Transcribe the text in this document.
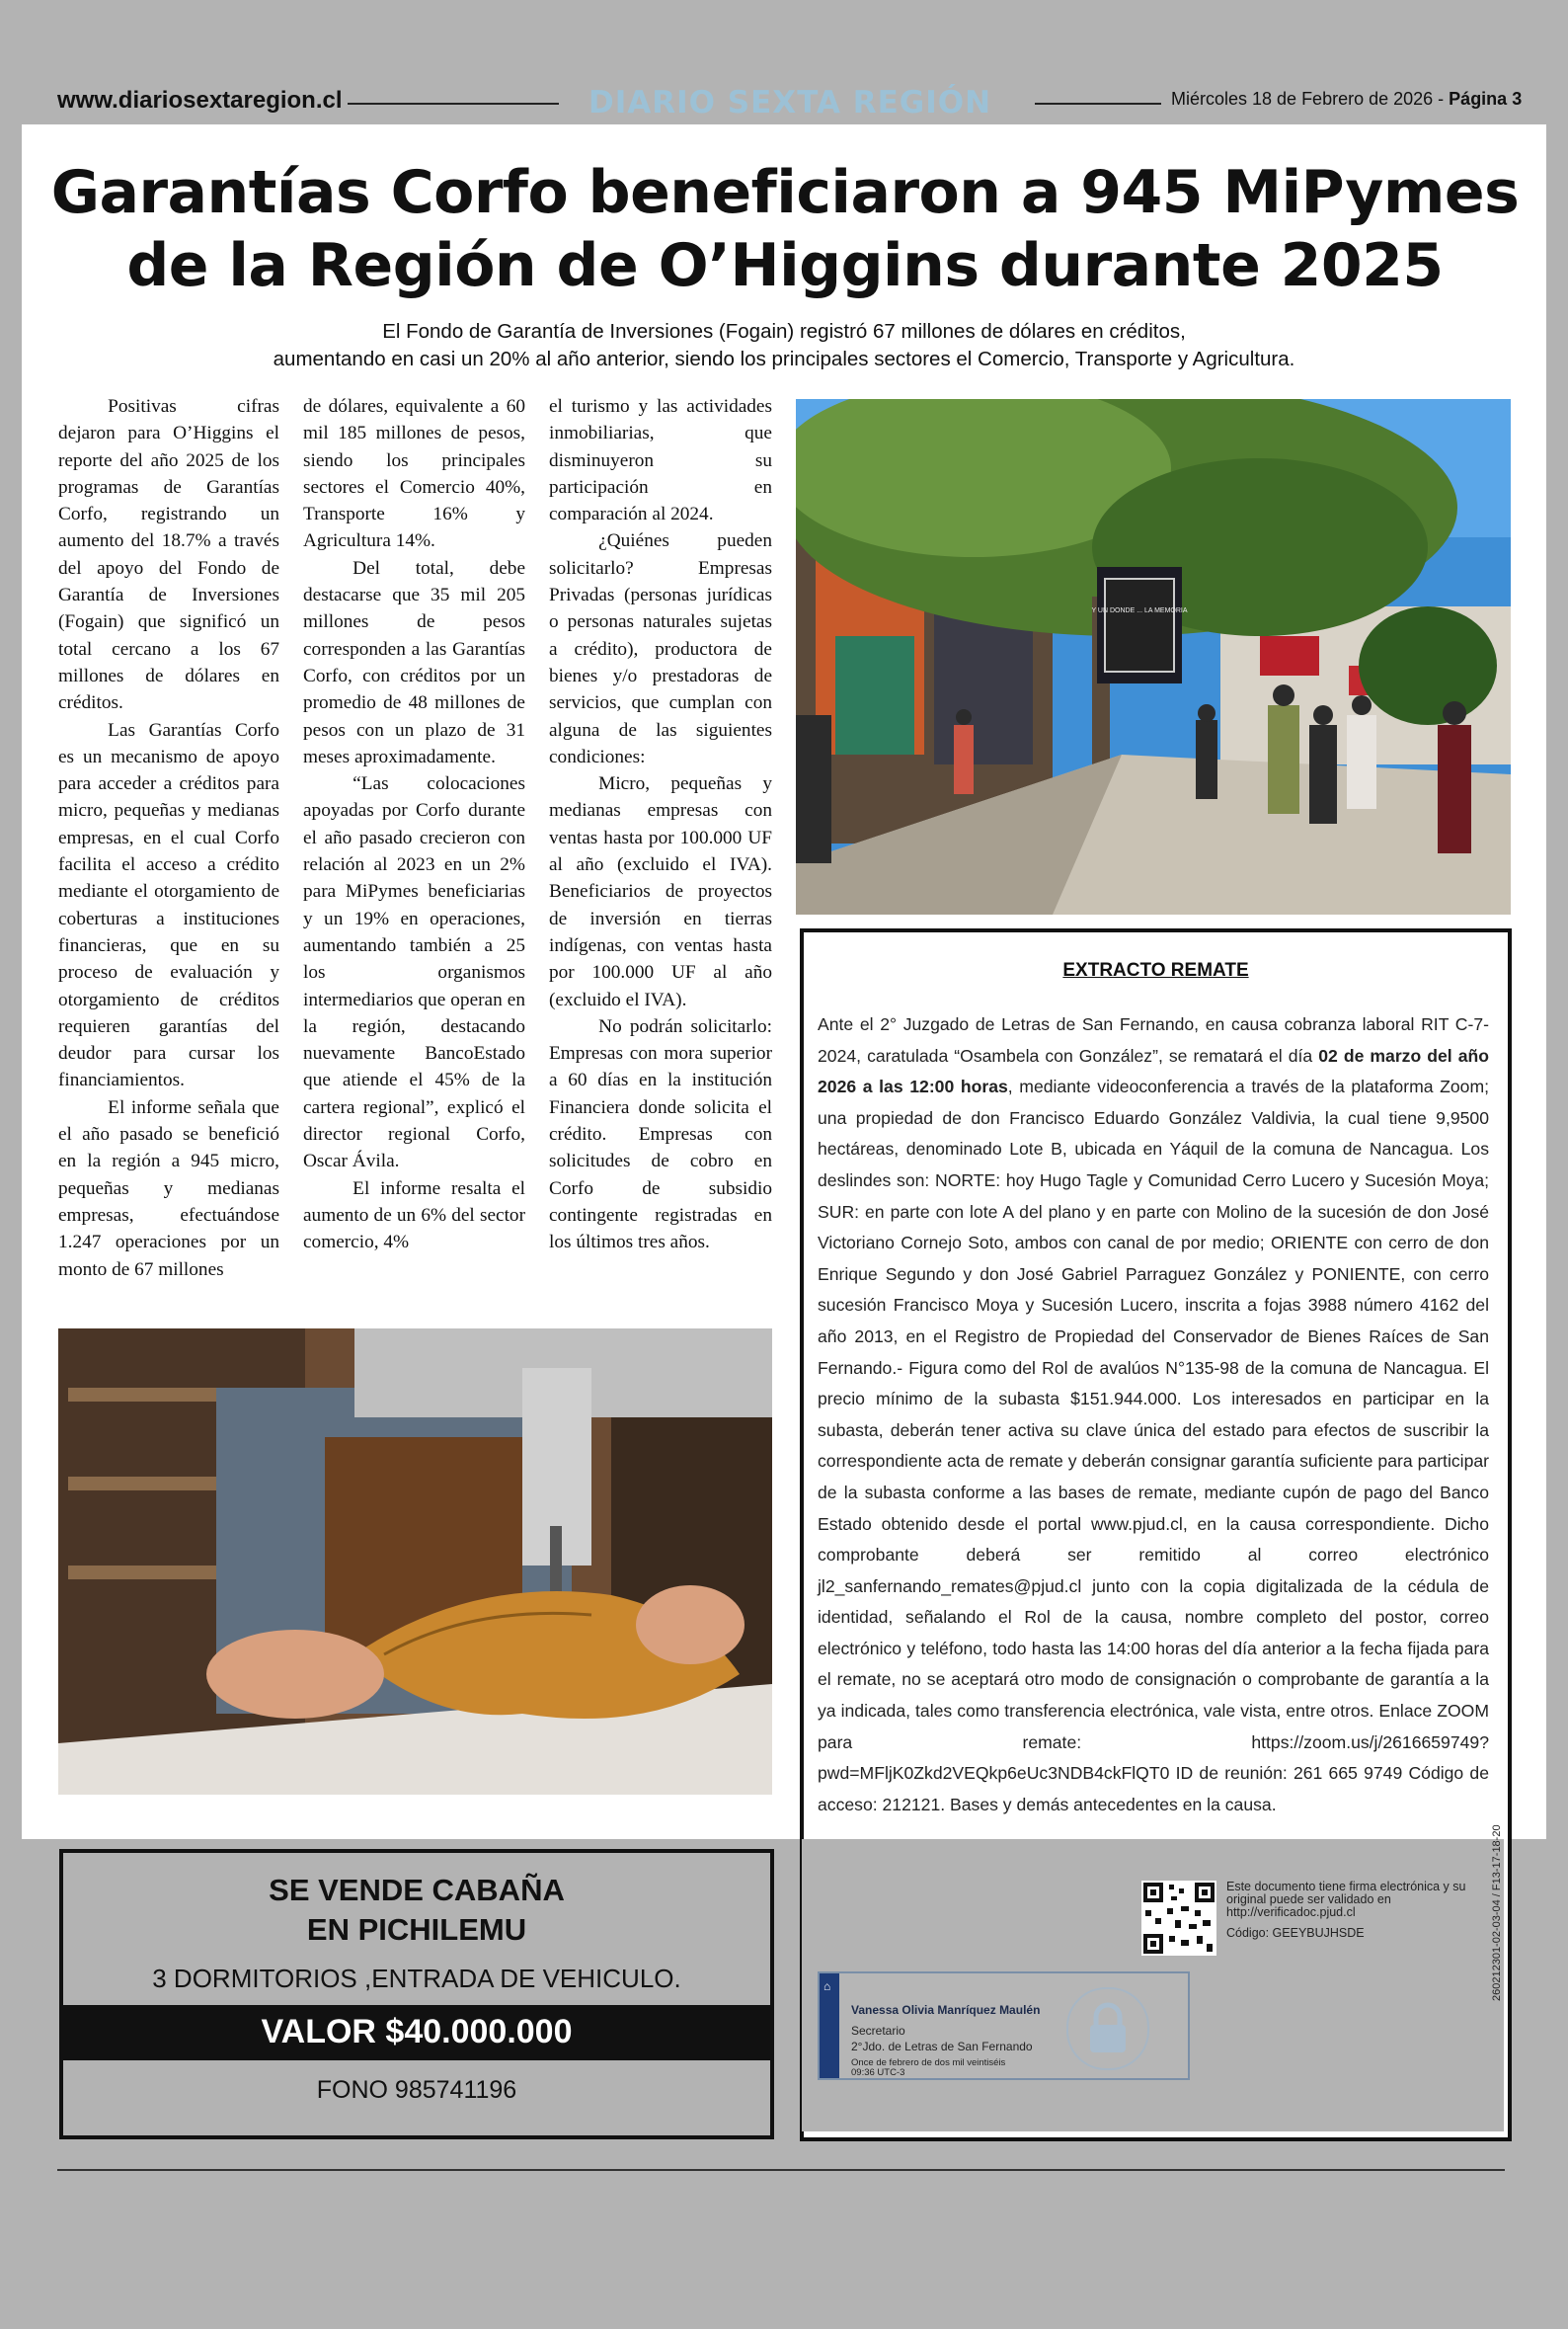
www.diariosextaregion.cl	DIARIO SEXTA REGIÓN	Miércoles 18 de Febrero de 2026 - Página 3
Garantías Corfo beneficiaron a 945 MiPymes
de la Región de O’Higgins durante 2025
El Fondo de Garantía de Inversiones (Fogain) registró 67 millones de dólares en créditos,
aumentando en casi un 20% al año anterior, siendo los principales sectores el Comercio, Transporte y Agricultura.

Positivas cifras dejaron para O’Higgins el reporte del año 2025 de los programas de Garantías Corfo, registrando un aumento del 18.7% a través del apoyo del Fondo de Garantía de Inversiones (Fogain) que significó un total cercano a los 67 millones de dólares en créditos.

Las Garantías Corfo es un mecanismo de apoyo para acceder a créditos para micro, pequeñas y medianas empresas, en el cual Corfo facilita el acceso a crédito mediante el otorgamiento de coberturas a instituciones financieras, que en su proceso de evaluación y otorgamiento de créditos requieren garantías del deudor para cursar los financiamientos.

El informe señala que el año pasado se benefició en la región a 945 micro, pequeñas y medianas empresas, efectuándose 1.247 operaciones por un monto de 67 millones

de dólares, equivalente a 60 mil 185 millones de pesos, siendo los principales sectores el Comercio 40%, Transporte 16% y Agricultura 14%.

Del total, debe destacarse que 35 mil 205 millones de pesos corresponden a las Garantías Corfo, con créditos por un promedio de 48 millones de pesos con un plazo de 31 meses aproximadamente.

“Las colocaciones apoyadas por Corfo durante el año pasado crecieron con relación al 2023 en un 2% para MiPymes beneficiarias y un 19% en operaciones, aumentando también a 25 los organismos intermediarios que operan en la región, destacando nuevamente BancoEstado que atiende el 45% de la cartera regional”, explicó el director regional Corfo, Oscar Ávila.

El informe resalta el aumento de un 6% del sector comercio, 4%

el turismo y las actividades inmobiliarias, que disminuyeron su participación en comparación al 2024.

¿Quiénes pueden solicitarlo? Empresas Privadas (personas jurídicas o personas naturales sujetas a crédito), productora de bienes y/o prestadoras de servicios, que cumplan con alguna de las siguientes condiciones:

Micro, pequeñas y medianas empresas con ventas hasta por 100.000 UF al año (excluido el IVA). Beneficiarios de proyectos de inversión en tierras indígenas, con ventas hasta por 100.000 UF al año (excluido el IVA).

No podrán solicitarlo: Empresas con mora superior a 60 días en la institución Financiera donde solicita el crédito. Empresas con solicitudes de cobro en Corfo de subsidio contingente registradas en los últimos tres años.

Y UN DONDE ... LA MEMORIA
EXTRACTO REMATE
Ante el 2° Juzgado de Letras de San Fernando, en causa cobranza laboral RIT C-7-2024, caratulada “Osambela con González”, se rematará el día 02 de marzo del año 2026 a las 12:00 horas, mediante videoconferencia a través de la plataforma Zoom; una propiedad de don Francisco Eduardo González Valdivia, la cual tiene 9,9500 hectáreas, denominado Lote B, ubicada en Yáquil de la comuna de Nancagua. Los deslindes son: NORTE: hoy Hugo Tagle y Comunidad Cerro Lucero y Sucesión Moya; SUR: en parte con lote A del plano y en parte con Molino de la sucesión de don José Victoriano Cornejo Soto, ambos con canal de por medio; ORIENTE con cerro de don Enrique Segundo y don José Gabriel Parraguez González y PONIENTE, con cerro sucesión Francisco Moya y Sucesión Lucero, inscrita a fojas 3988 número 4162 del año 2013, en el Registro de Propiedad del Conservador de Bienes Raíces de San Fernando.- Figura como del Rol de avalúos N°135-98 de la comuna de Nancagua. El precio mínimo de la subasta $151.944.000. Los interesados en participar en la subasta, deberán tener activa su clave única del estado para efectos de suscribir la correspondiente acta de remate y deberán consignar garantía suficiente para participar de la subasta conforme a las bases de remate, mediante cupón de pago del Banco Estado obtenido desde el portal www.pjud.cl, en la causa correspondiente. Dicho comprobante deberá ser remitido al correo electrónico jl2_sanfernando_remates@pjud.cl junto con la copia digitalizada de la cédula de identidad, señalando el Rol de la causa, nombre completo del postor, correo electrónico y teléfono, todo hasta las 14:00 horas del día anterior a la fecha fijada para el remate, no se aceptará otro modo de consignación o comprobante de garantía a la ya indicada, tales como transferencia electrónica, vale vista, entre otros. Enlace ZOOM para remate: https://zoom.us/j/2616659749?pwd=MFljK0Zkd2VEQkp6eUc3NDB4ckFlQT0 ID de reunión: 261 665 9749 Código de acceso: 212121. Bases y demás antecedentes en la causa.
Este documento tiene firma electrónica y su original puede ser validado en http://verificadoc.pjud.cl
Código: GEEYBUJHSDE	260212301-02-03-04 / F13-17-18-20
⌂
Vanessa Olivia Manríquez Maulén
Secretario
2°Jdo. de Letras de San Fernando
Once de febrero de dos mil veintiséis 09:36 UTC-3
SE VENDE CABAÑA
EN PICHILEMU
3 DORMITORIOS ,ENTRADA DE VEHICULO.
VALOR $40.000.000
FONO 985741196
